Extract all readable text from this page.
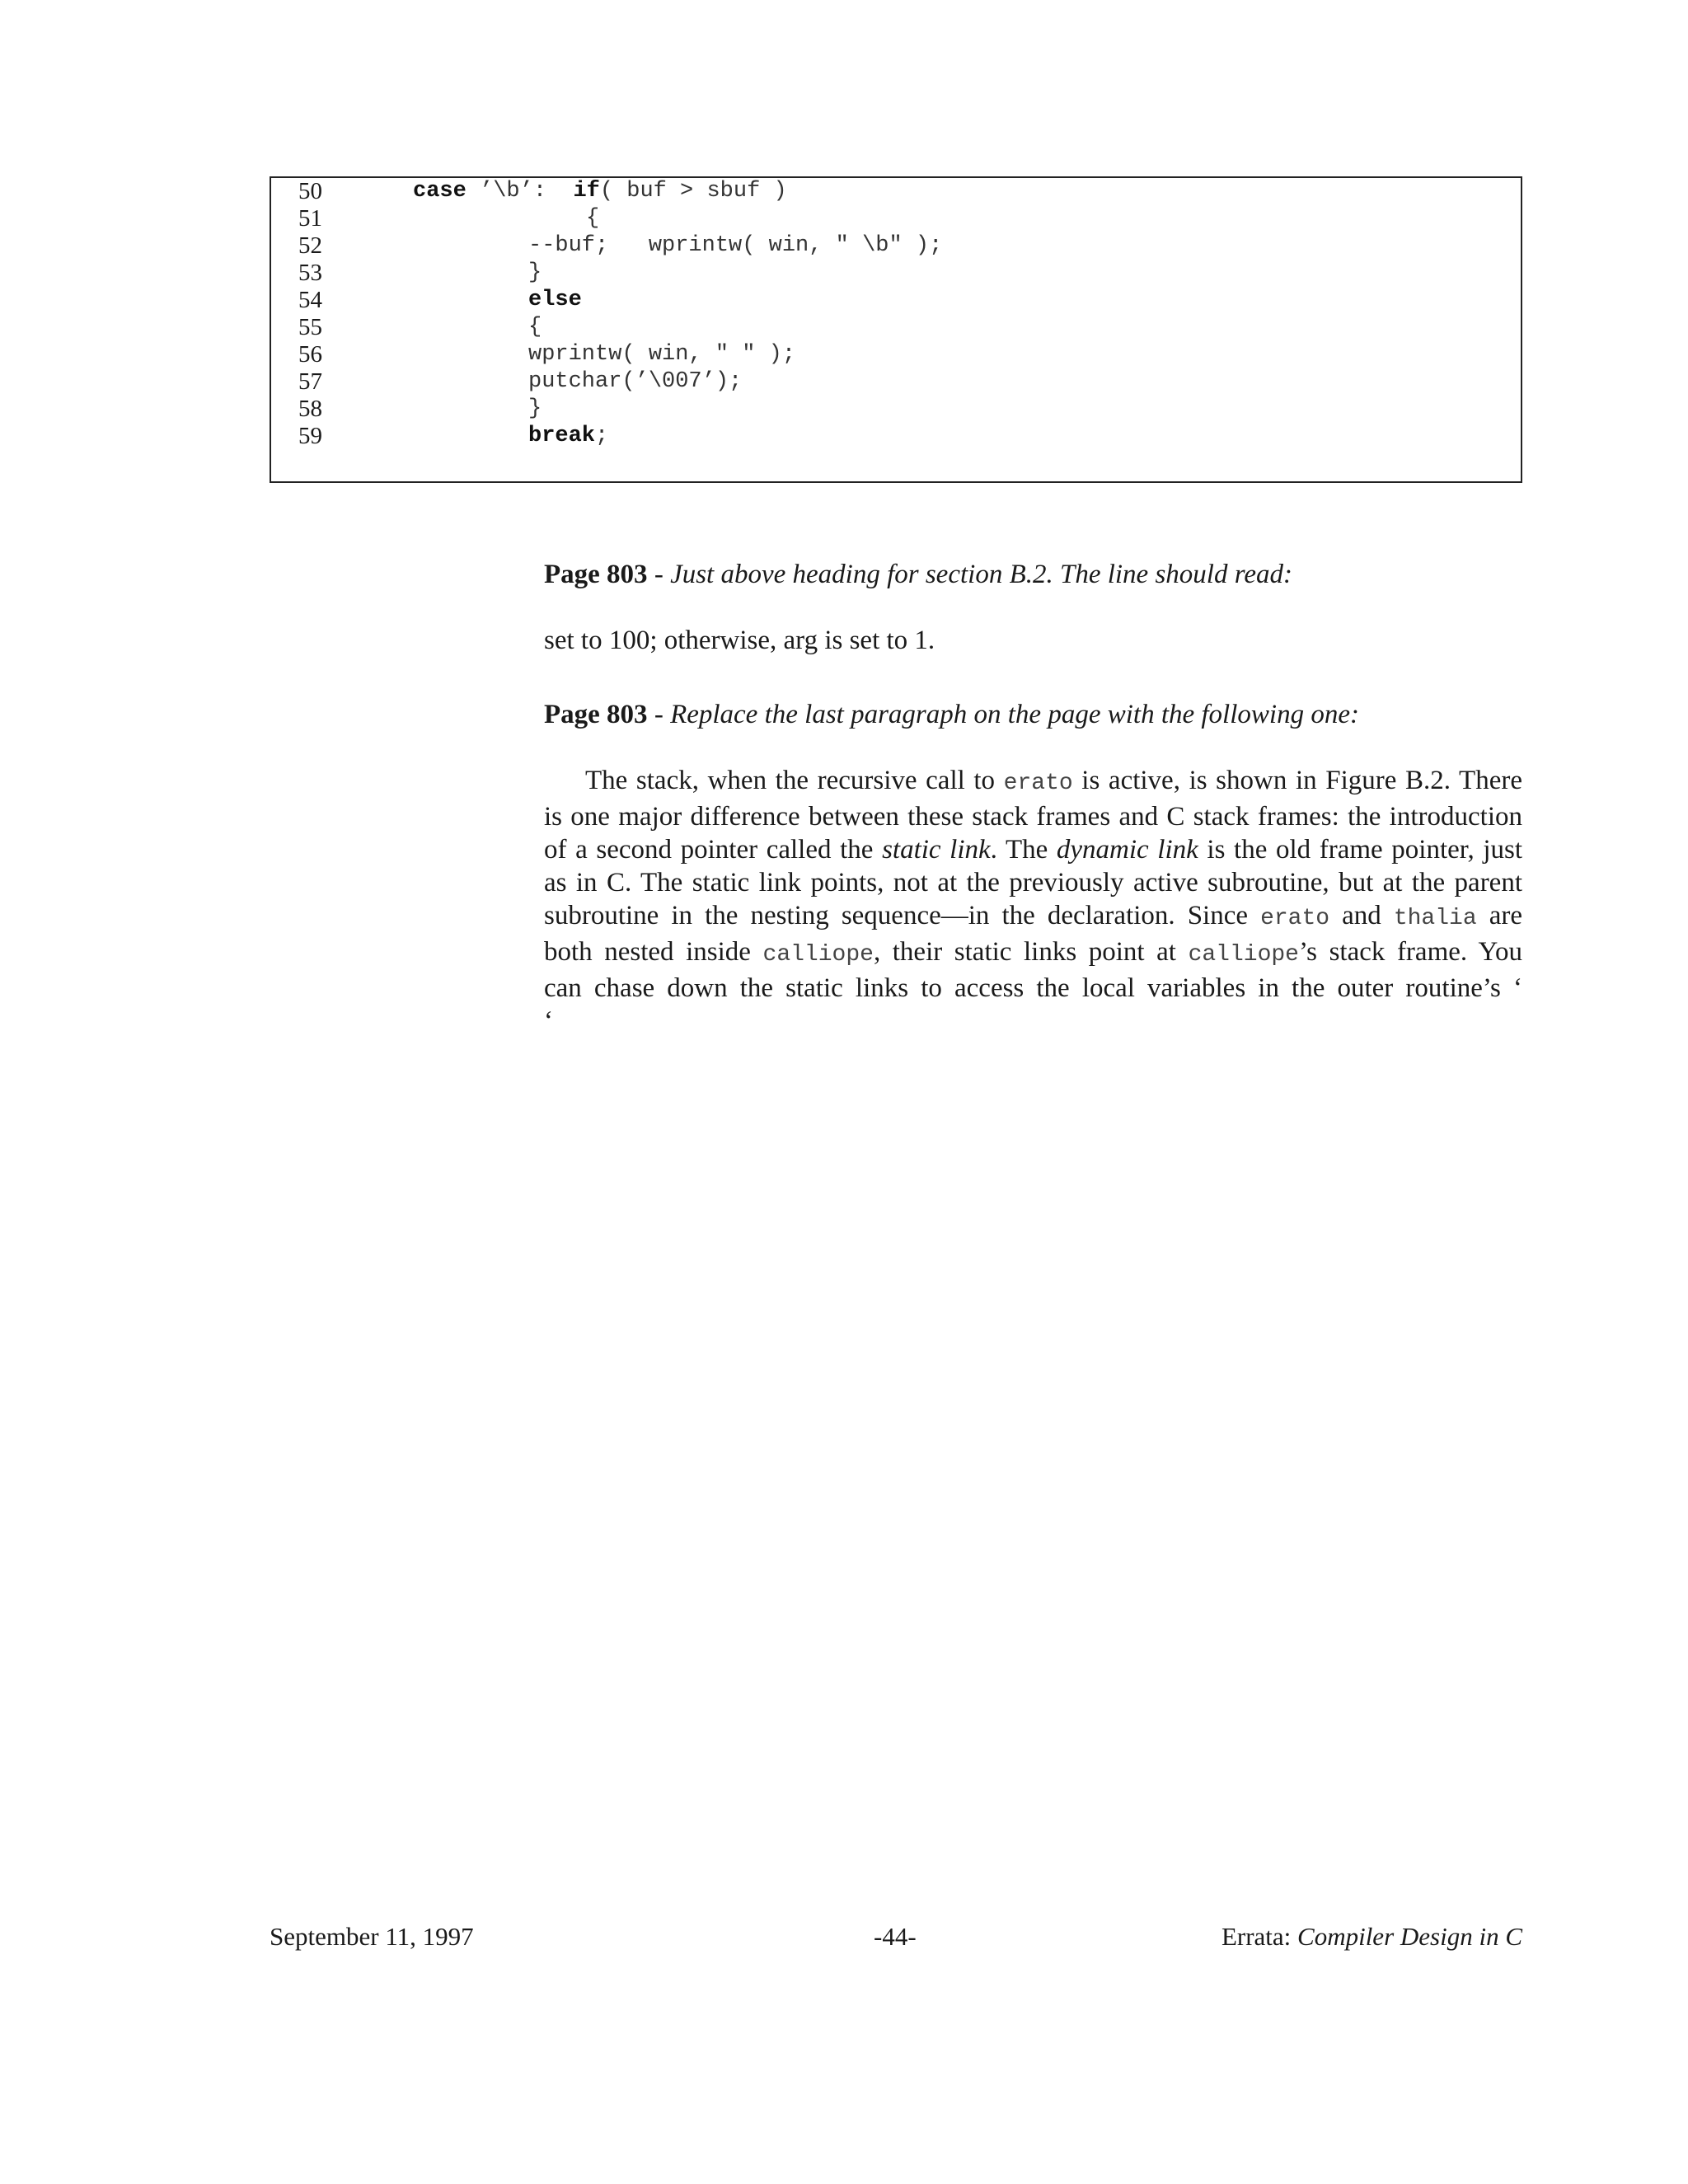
50	case ’\b’:  if( buf > sbuf )
51	{
52	--buf;   wprintw( win, " \b" );
53	}
54	else
55	{
56	wprintw( win, " " );
57	putchar(’\007’);
58	}
59	break;
Page 803 - Just above heading for section B.2. The line should read:
set to 100; otherwise, arg is set to 1.
Page 803 - Replace the last paragraph on the page with the following one:
The stack, when the recursive call to erato is active, is shown in Figure B.2. There
is one major difference between these stack frames and C stack frames: the introduction
of a second pointer called the static link. The dynamic link is the old frame pointer, just
as in C. The static link points, not at the previously active subroutine, but at the parent
subroutine in the nesting sequence—in the declaration. Since erato and thalia are
both nested inside calliope, their static links point at calliope’s stack frame. You
can chase down the static links to access the local variables in the outer routine’s ‘
‘
September 11, 1997	-44-	Errata: Compiler Design in C
